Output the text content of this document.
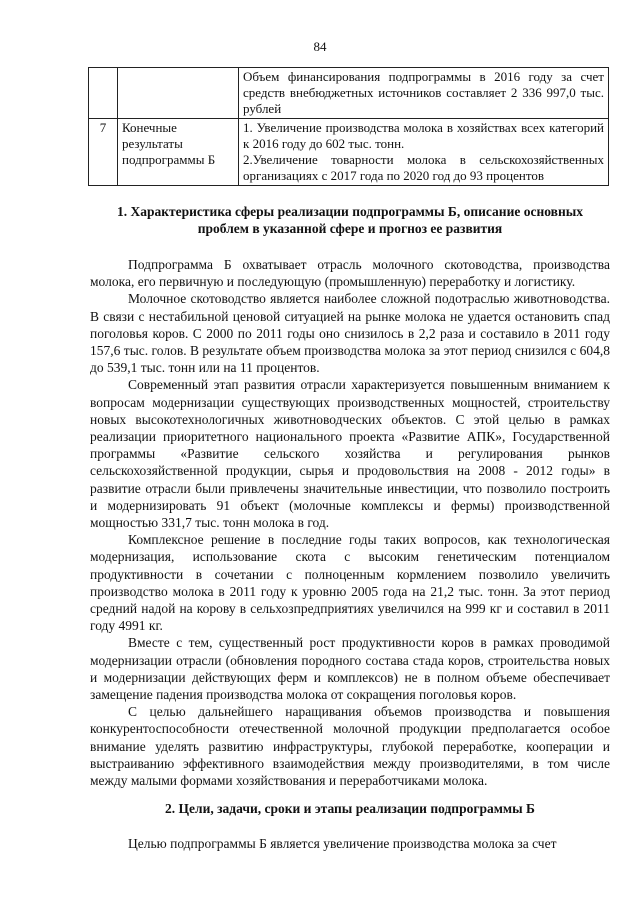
84

		Объем финансирования подпрограммы в 2016 году за счет средств внебюджетных источников составляет 2 336 997,0 тыс. рублей

7	Конечные результаты подпрограммы Б	1. Увеличение производства молока в хозяйствах всех категорий к 2016 году до 602 тыс. тонн.
2.Увеличение товарности молока в сельскохозяйственных организациях с 2017 года по 2020 год до 93 процентов
1. Характеристика сферы реализации подпрограммы Б, описание основных проблем в указанной сфере и прогноз ее развития

Подпрограмма Б охватывает отрасль молочного скотоводства, производства молока, его первичную и последующую (промышленную) переработку и логистику.

Молочное скотоводство является наиболее сложной подотраслью животноводства. В связи с нестабильной ценовой ситуацией на рынке молока не удается остановить спад поголовья коров. С 2000 по 2011 годы оно снизилось в 2,2 раза и составило в 2011 году 157,6 тыс. голов. В результате объем производства молока за этот период снизился с 604,8 до 539,1 тыс. тонн или на 11 процентов.

Современный этап развития отрасли характеризуется повышенным вниманием к вопросам модернизации существующих производственных мощностей, строительству новых высокотехнологичных животноводческих объектов. С этой целью в рамках реализации приоритетного национального проекта «Развитие АПК», Государственной программы «Развитие сельского хозяйства и регулирования рынков сельскохозяйственной продукции, сырья и продовольствия на 2008 - 2012 годы» в развитие отрасли были привлечены значительные инвестиции, что позволило построить и модернизировать 91 объект (молочные комплексы и фермы) производственной мощностью 331,7 тыс. тонн молока в год.

Комплексное решение в последние годы таких вопросов, как технологическая модернизация, использование скота с высоким генетическим потенциалом продуктивности в сочетании с полноценным кормлением позволило увеличить производство молока в 2011 году к уровню 2005 года на 21,2 тыс. тонн. За этот период средний надой на корову в сельхозпредприятиях увеличился на 999 кг и составил в 2011 году 4991 кг.

Вместе с тем, существенный рост продуктивности коров в рамках проводимой модернизации отрасли (обновления породного состава стада коров, строительства новых и модернизации действующих ферм и комплексов) не в полном объеме обеспечивает замещение падения производства молока от сокращения поголовья коров.

С целью дальнейшего наращивания объемов производства и повышения конкурентоспособности отечественной молочной продукции предполагается особое внимание уделять развитию инфраструктуры, глубокой переработке, кооперации и выстраиванию эффективного взаимодействия между производителями, в том числе между малыми формами хозяйствования и переработчиками молока.

2. Цели, задачи, сроки и этапы реализации подпрограммы Б

Целью подпрограммы Б является увеличение производства молока за счет
